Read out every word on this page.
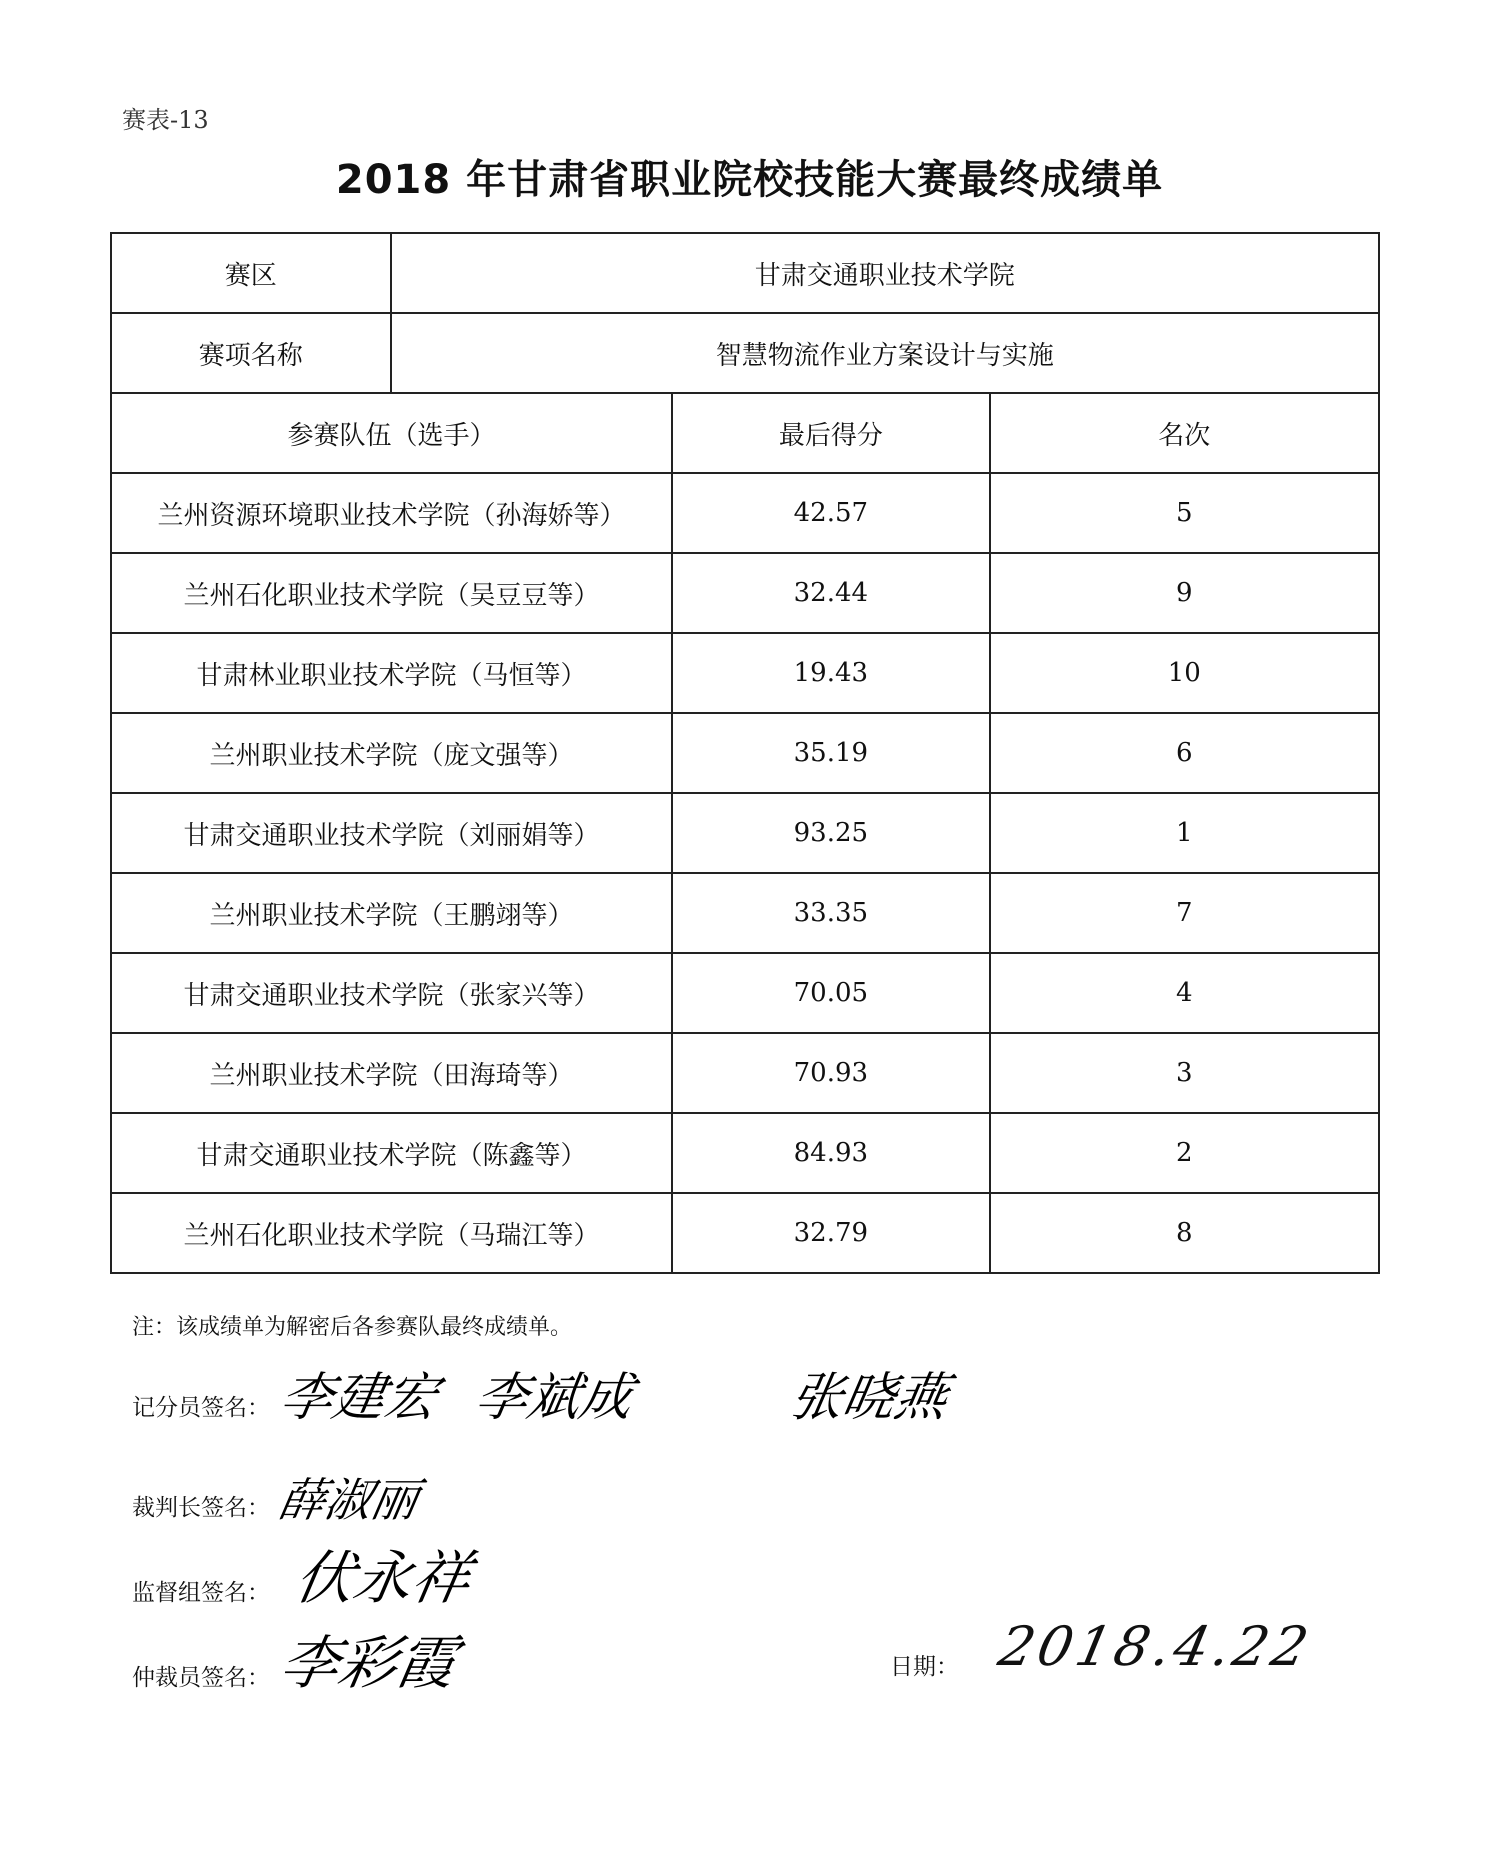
赛表-13
2018 年甘肃省职业院校技能大赛最终成绩单
赛区	甘肃交通职业技术学院		
赛项名称	智慧物流作业方案设计与实施		
参赛队伍（选手）		最后得分	名次
兰州资源环境职业技术学院（孙海娇等）		42.57	5
兰州石化职业技术学院（吴豆豆等）		32.44	9
甘肃林业职业技术学院（马恒等）		19.43	10
兰州职业技术学院（庞文强等）		35.19	6
甘肃交通职业技术学院（刘丽娟等）		93.25	1
兰州职业技术学院（王鹏翊等）		33.35	7
甘肃交通职业技术学院（张家兴等）		70.05	4
兰州职业技术学院（田海琦等）		70.93	3
甘肃交通职业技术学院（陈鑫等）		84.93	2
兰州石化职业技术学院（马瑞江等）		32.79	8
注：该成绩单为解密后各参赛队最终成绩单。
记分员签名： 李建宏 李斌成	张晓燕
裁判长签名： 薛淑丽
监督组签名： 伏永祥
仲裁员签名： 李彩霞	日期： 2018.4.22
